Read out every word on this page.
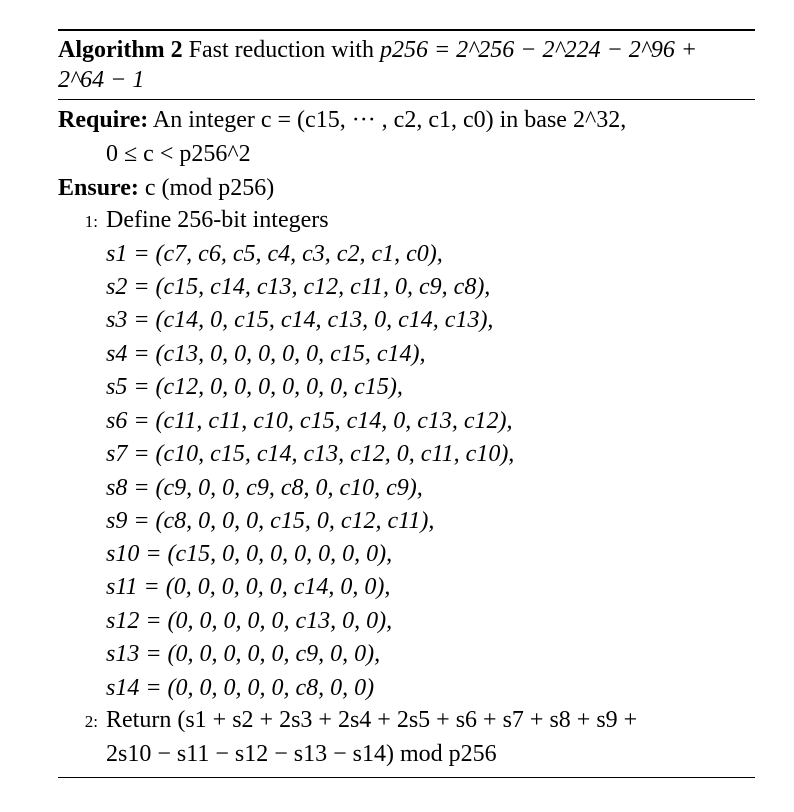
Algorithm 2 Fast reduction with p256 = 2^256 − 2^224 − 2^96 +
2^64 − 1
Require: An integer c = (c15, ··· , c2, c1, c0) in base 2^32,
0 ≤ c < p256^2
Ensure: c (mod p256)
1: Define 256-bit integers
s1 = (c7, c6, c5, c4, c3, c2, c1, c0),
s2 = (c15, c14, c13, c12, c11, 0, c9, c8),
s3 = (c14, 0, c15, c14, c13, 0, c14, c13),
s4 = (c13, 0, 0, 0, 0, 0, c15, c14),
s5 = (c12, 0, 0, 0, 0, 0, 0, c15),
s6 = (c11, c11, c10, c15, c14, 0, c13, c12),
s7 = (c10, c15, c14, c13, c12, 0, c11, c10),
s8 = (c9, 0, 0, c9, c8, 0, c10, c9),
s9 = (c8, 0, 0, 0, c15, 0, c12, c11),
s10 = (c15, 0, 0, 0, 0, 0, 0, 0),
s11 = (0, 0, 0, 0, 0, c14, 0, 0),
s12 = (0, 0, 0, 0, 0, c13, 0, 0),
s13 = (0, 0, 0, 0, 0, c9, 0, 0),
s14 = (0, 0, 0, 0, 0, c8, 0, 0)
2: Return (s1 + s2 + 2s3 + 2s4 + 2s5 + s6 + s7 + s8 + s9 +
2s10 − s11 − s12 − s13 − s14) mod p256
